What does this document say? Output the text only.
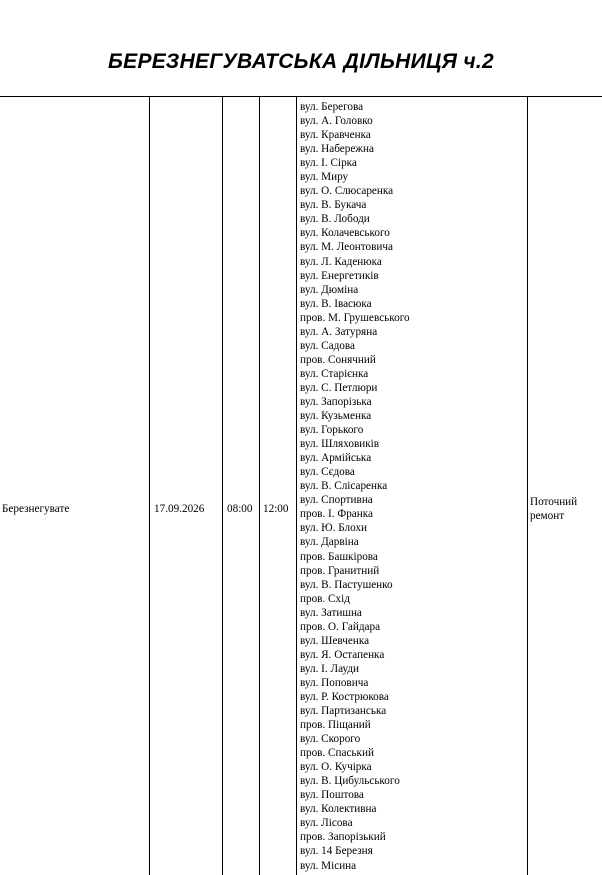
БЕРЕЗНЕГУВАТСЬКА ДІЛЬНИЦЯ ч.2
Березнегувате	17.09.2026 08:00 12:00
Поточний
ремонт
вул. Берегова
вул. А. Головко
вул. Кравченка
вул. Набережна
вул. І. Сірка
вул. Миру
вул. О. Слюсаренка
вул. В. Букача
вул. В. Лободи
вул. Колачевського
вул. М. Леонтовича
вул. Л. Каденюка
вул. Енергетиків
вул. Дюміна
вул. В. Івасюка
пров. М. Грушевського
вул. А. Затуряна
вул. Садова
пров. Сонячний
вул. Старієнка
вул. С. Петлюри
вул. Запорізька
вул. Кузьменка
вул. Горького
вул. Шляховиків
вул. Армійська
вул. Сєдова
вул. В. Слісаренка
вул. Спортивна
пров. І. Франка
вул. Ю. Блохи
вул. Дарвіна
пров. Башкірова
пров. Гранитний
вул. В. Пастушенко
пров. Схід
вул. Затишна
пров. О. Гайдара
вул. Шевченка
вул. Я. Остапенка
вул. І. Лауди
вул. Поповича
вул. Р. Кострюкова
вул. Партизанська
пров. Піщаний
вул. Скорого
пров. Спаський
вул. О. Кучірка
вул. В. Цибульського
вул. Поштова
вул. Колективна
вул. Лісова
пров. Запорізький
вул. 14 Березня
вул. Місина
